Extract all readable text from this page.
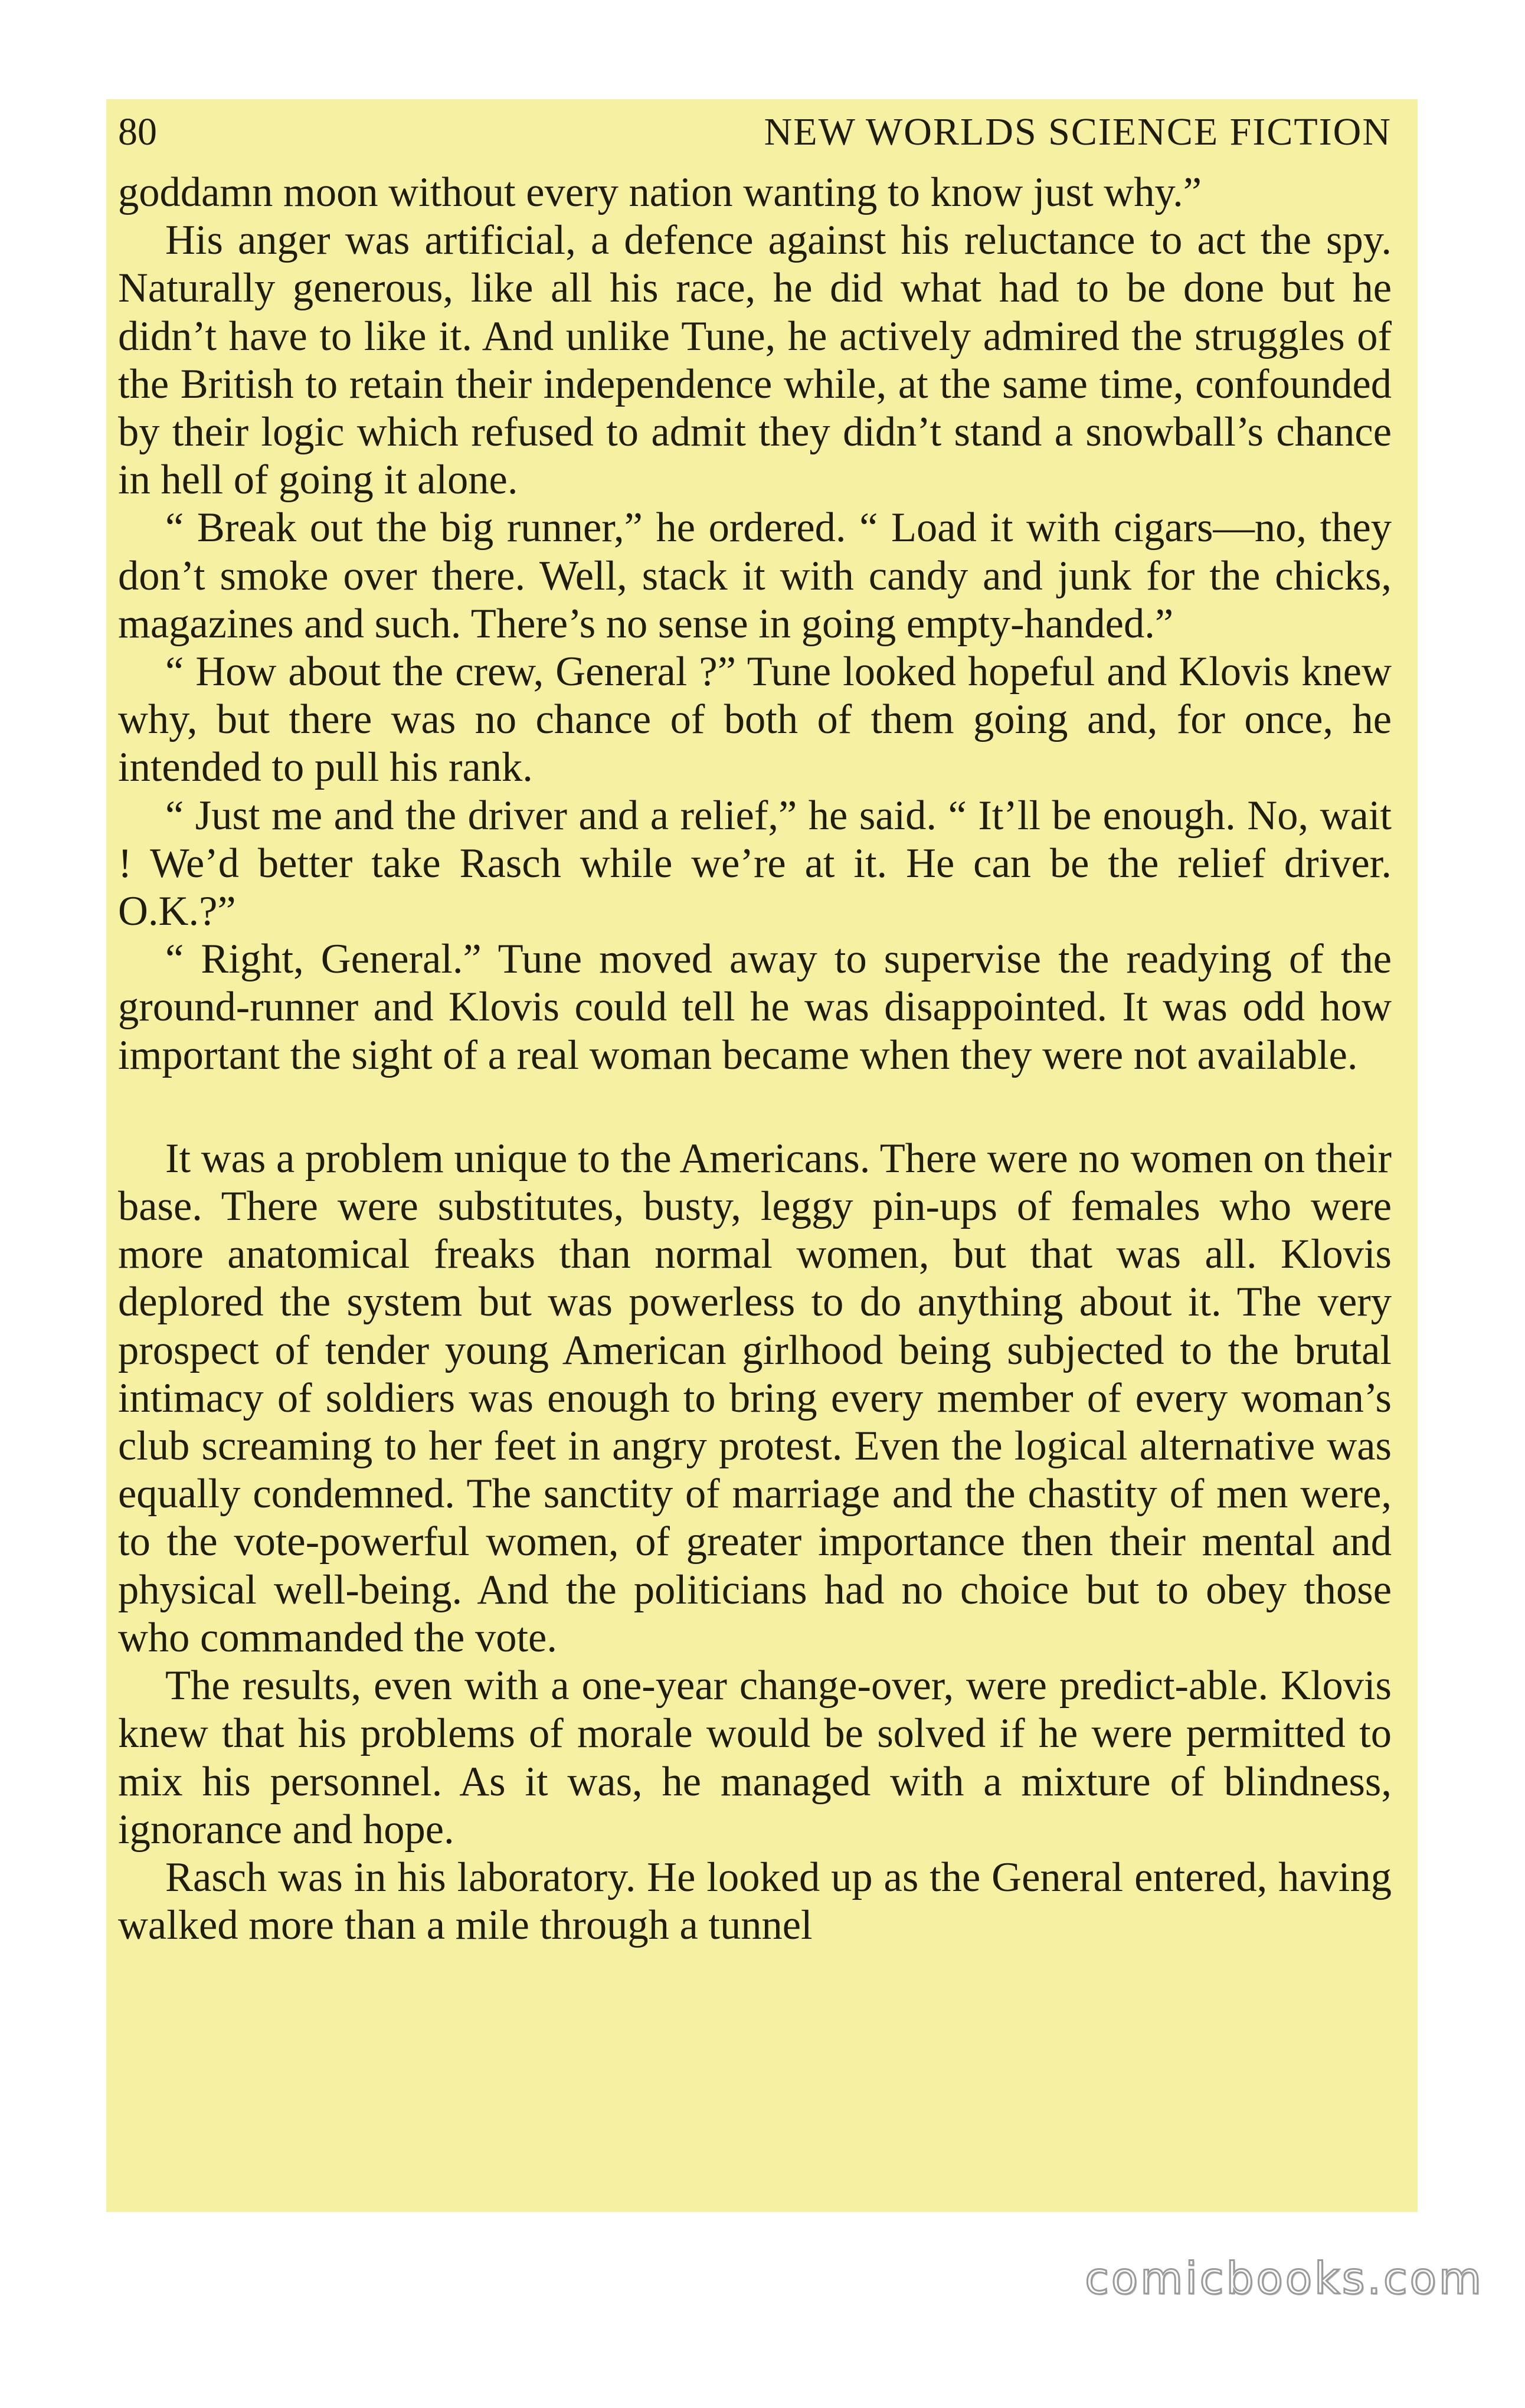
80	NEW WORLDS SCIENCE FICTION

goddamn moon without every nation wanting to know just why.”

His anger was artificial, a defence against his reluctance to act the spy. Naturally generous, like all his race, he did what had to be done but he didn’t have to like it. And unlike Tune, he actively admired the struggles of the British to retain their independence while, at the same time, confounded by their logic which refused to admit they didn’t stand a snowball’s chance in hell of going it alone.

“ Break out the big runner,” he ordered. “ Load it with cigars—no, they don’t smoke over there. Well, stack it with candy and junk for the chicks, magazines and such. There’s no sense in going empty-handed.”

“ How about the crew, General ?” Tune looked hopeful and Klovis knew why, but there was no chance of both of them going and, for once, he intended to pull his rank.

“ Just me and the driver and a relief,” he said. “ It’ll be enough. No, wait ! We’d better take Rasch while we’re at it. He can be the relief driver. O.K.?”

“ Right, General.” Tune moved away to supervise the readying of the ground-runner and Klovis could tell he was disappointed. It was odd how important the sight of a real woman became when they were not available.

It was a problem unique to the Americans. There were no women on their base. There were substitutes, busty, leggy pin-ups of females who were more anatomical freaks than normal women, but that was all. Klovis deplored the system but was powerless to do anything about it. The very prospect of tender young American girlhood being subjected to the brutal intimacy of soldiers was enough to bring every member of every woman’s club screaming to her feet in angry protest. Even the logical alternative was equally condemned. The sanctity of marriage and the chastity of men were, to the vote-powerful women, of greater importance then their mental and physical well-being. And the politicians had no choice but to obey those who commanded the vote.

The results, even with a one-year change-over, were predict-able. Klovis knew that his problems of morale would be solved if he were permitted to mix his personnel. As it was, he managed with a mixture of blindness, ignorance and hope.

Rasch was in his laboratory. He looked up as the General entered, having walked more than a mile through a tunnel

comicbooks.com
